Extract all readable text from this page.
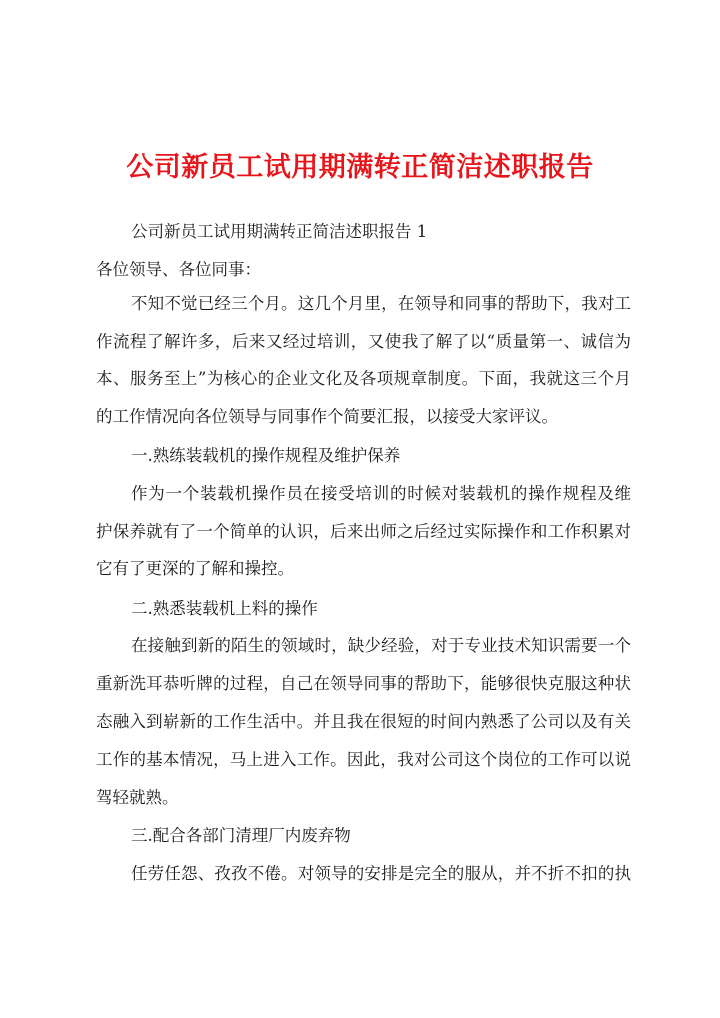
公司新员工试用期满转正简洁述职报告

公司新员工试用期满转正简洁述职报告 1

各位领导、各位同事：

不知不觉已经三个月。这几个月里，在领导和同事的帮助下，我对工

作流程了解许多，后来又经过培训，又使我了解了以“质量第一、诚信为

本、服务至上”为核心的企业文化及各项规章制度。下面，我就这三个月

的工作情况向各位领导与同事作个简要汇报，以接受大家评议。

一.熟练装载机的操作规程及维护保养

作为一个装载机操作员在接受培训的时候对装载机的操作规程及维

护保养就有了一个简单的认识，后来出师之后经过实际操作和工作积累对

它有了更深的了解和操控。

二.熟悉装载机上料的操作

在接触到新的陌生的领域时，缺少经验，对于专业技术知识需要一个

重新洗耳恭听牌的过程，自己在领导同事的帮助下，能够很快克服这种状

态融入到崭新的工作生活中。并且我在很短的时间内熟悉了公司以及有关

工作的基本情况，马上进入工作。因此，我对公司这个岗位的工作可以说

驾轻就熟。

三.配合各部门清理厂内废弃物

任劳任怨、孜孜不倦。对领导的安排是完全的服从，并不折不扣的执
